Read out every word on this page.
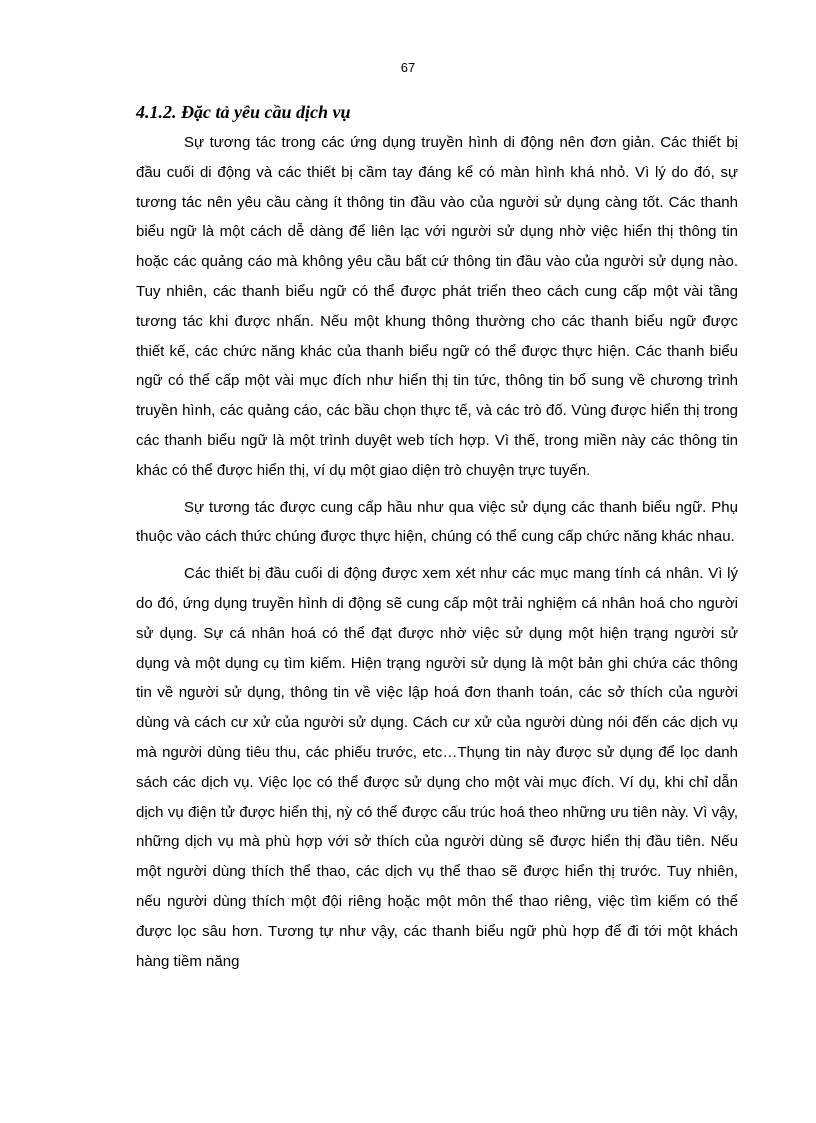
67
4.1.2. Đặc tả yêu cầu dịch vụ

Sự tương tác trong các ứng dụng truyền hình di động nên đơn giản. Các thiết bị đầu cuối di động và các thiết bị cầm tay đáng kể có màn hình khá nhỏ. Vì lý do đó, sự tương tác nên yêu cầu càng ít thông tin đầu vào của người sử dụng càng tốt. Các thanh biểu ngữ là một cách dễ dàng để liên lạc với người sử dụng nhờ việc hiển thị thông tin hoặc các quảng cáo mà không yêu cầu bất cứ thông tin đầu vào của người sử dụng nào. Tuy nhiên, các thanh biểu ngữ có thể được phát triển theo cách cung cấp một vài tầng tương tác khi được nhấn. Nếu một khung thông thường cho các thanh biểu ngữ được thiết kế, các chức năng khác của thanh biểu ngữ có thể được thực hiện. Các thanh biểu ngữ có thể cấp một vài mục đích như hiển thị tin tức, thông tin bổ sung về chương trình truyền hình, các quảng cáo, các bầu chọn thực tế, và các trò đố. Vùng được hiển thị trong các thanh biểu ngữ là một trình duyệt web tích hợp. Vì thế, trong miền này các thông tin khác có thể được hiển thị, ví dụ một giao diện trò chuyện trực tuyến.

Sự tương tác được cung cấp hầu như qua việc sử dụng các thanh biểu ngữ. Phụ thuộc vào cách thức chúng được thực hiện, chúng có thể cung cấp chức năng khác nhau.

Các thiết bị đầu cuối di động được xem xét như các mục mang tính cá nhân. Vì lý do đó, ứng dụng truyền hình di động sẽ cung cấp một trải nghiệm cá nhân hoá cho người sử dụng. Sự cá nhân hoá có thể đạt được nhờ việc sử dụng một hiện trạng người sử dụng và một dụng cụ tìm kiếm. Hiện trạng người sử dụng là một bản ghi chứa các thông tin về người sử dụng, thông tin về việc lập hoá đơn thanh toán, các sở thích của người dùng và cách cư xử của người sử dụng. Cách cư xử của người dùng nói đến các dịch vụ mà người dùng tiêu thu, các phiếu trước, etc…Thụng tin này được sử dụng để lọc danh sách các dịch vụ. Việc lọc có thể được sử dụng cho một vài mục đích. Ví dụ, khi chỉ dẫn dịch vụ điện tử được hiển thị, nỳ có thể được cấu trúc hoá theo những ưu tiên này. Vì vậy, những dịch vụ mà phù hợp với sở thích của người dùng sẽ được hiển thị đầu tiên. Nếu một người dùng thích thể thao, các dịch vụ thể thao sẽ được hiển thị trước. Tuy nhiên, nếu người dùng thích một đội riêng hoặc một môn thể thao riêng, việc tìm kiếm có thể được lọc sâu hơn. Tương tự như vậy, các thanh biểu ngữ phù hợp để đi tới một khách hàng tiềm năng
